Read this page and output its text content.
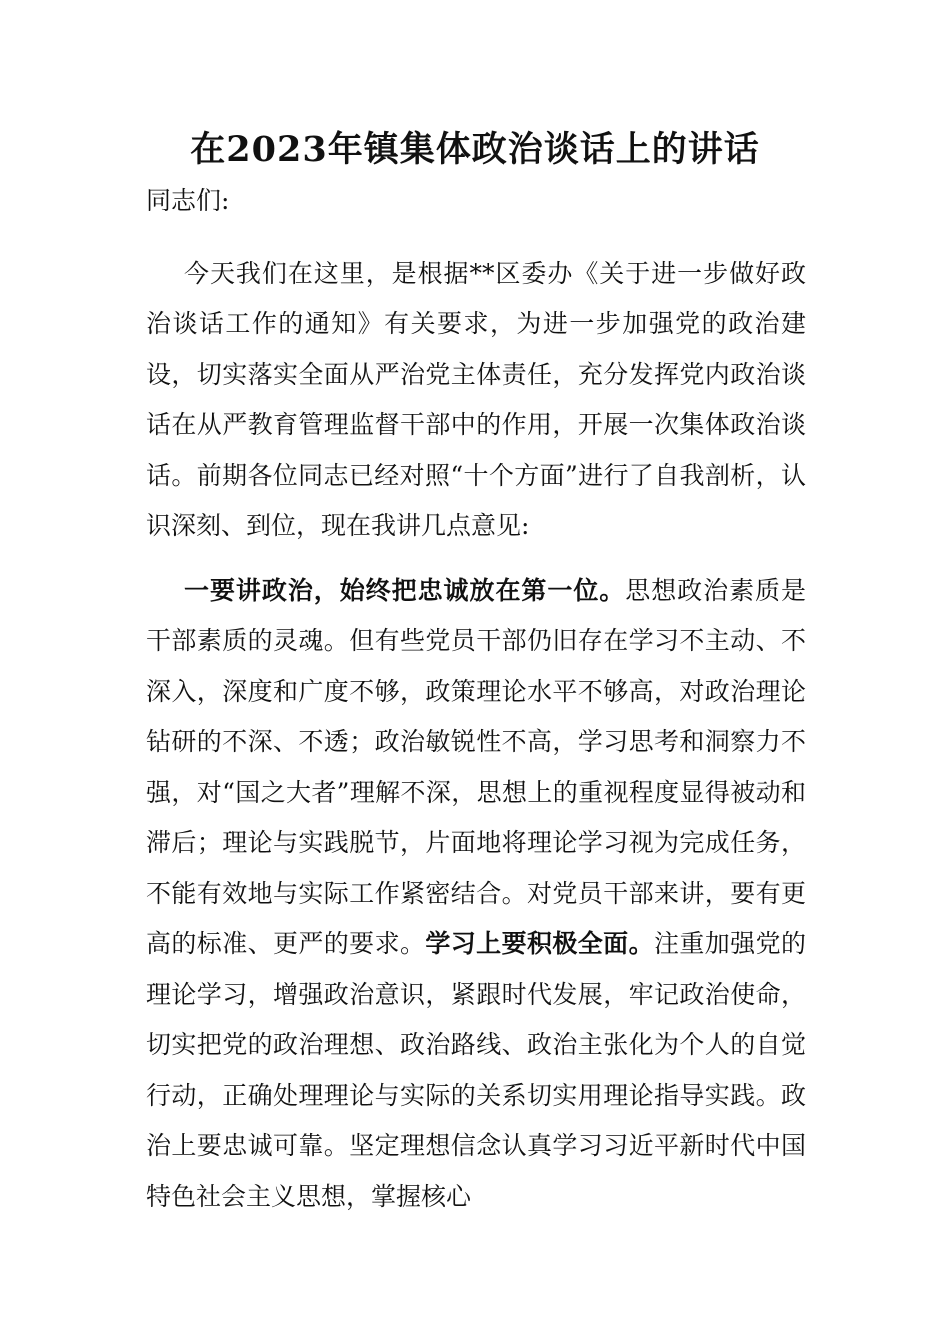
在2023年镇集体政治谈话上的讲话

同志们:

今天我们在这里，是根据**区委办《关于进一步做好政治谈话工作的通知》有关要求，为进一步加强党的政治建设，切实落实全面从严治党主体责任，充分发挥党内政治谈话在从严教育管理监督干部中的作用，开展一次集体政治谈话。前期各位同志已经对照“十个方面”进行了自我剖析，认识深刻、到位，现在我讲几点意见:

一要讲政治，始终把忠诚放在第一位。思想政治素质是干部素质的灵魂。但有些党员干部仍旧存在学习不主动、不深入，深度和广度不够，政策理论水平不够高，对政治理论钻研的不深、不透；政治敏锐性不高，学习思考和洞察力不强，对“国之大者”理解不深，思想上的重视程度显得被动和滞后；理论与实践脱节，片面地将理论学习视为完成任务，不能有效地与实际工作紧密结合。对党员干部来讲，要有更高的标准、更严的要求。学习上要积极全面。注重加强党的理论学习，增强政治意识，紧跟时代发展，牢记政治使命，切实把党的政治理想、政治路线、政治主张化为个人的自觉行动，正确处理理论与实际的关系切实用理论指导实践。政治上要忠诚可靠。坚定理想信念认真学习习近平新时代中国特色社会主义思想，掌握核心
